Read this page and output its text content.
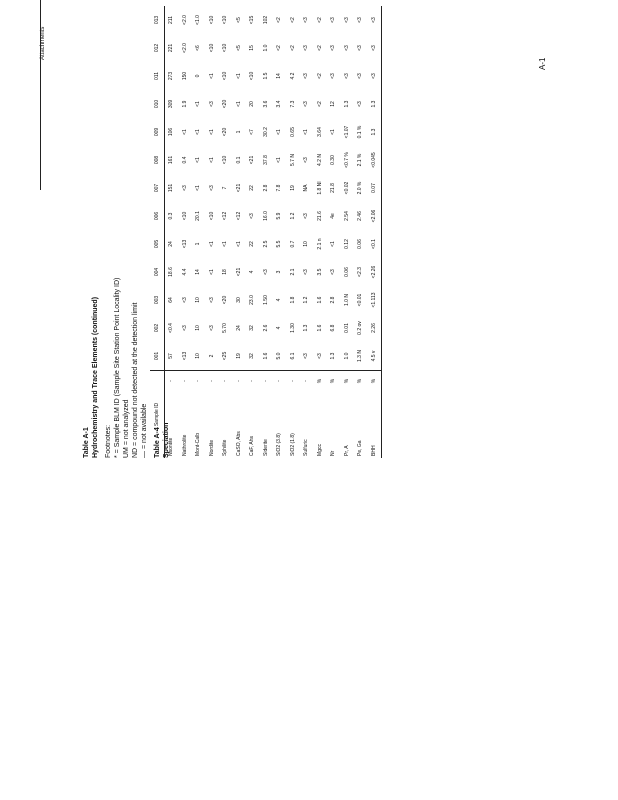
Table A-1 Hydrochemistry and Trace Elements (continued) Footnotes: * = Sample BLM ID (Sample Site Station Point Locality ID) UM = not analyzed ND = compound not detected at the detection limit — = not available Table A-4 Speciation
Sample ID		001	002	003	004	005	006	007	008	009	010	011	012	013
Nsontite	-	57	<0.4	64	18.6	24	0.3	151	161	106	309	273	221	211
Nathrolite	-	<13	<3	<3	4.4	<13	<10	<3	0.4	<1	1.9	150	<2.0	<2.0
Mont-Calb	-	10	10	10	14	1	20.1	<1	<1	<1	<1	0	<6	<1.0
Nordite	-	2	<3	<3	<1	<1	<10	<3	<1	<1	<3	<1	<10	<10
Sphilite	-	<25	5.70	<20	18	<1	<12	7	<10	<20	<20	<10	<10	<10
CaSO, Abs	-	19	24	30	<21	<1	<12	<21	0.1	1	<1	<1	<5	<5
CaF, Ahs	-	32	32	23.0	4	22	<3	22	<21	<7	20	<10	15	<15
Siderite	-	1.6	2.6	1.50	<3	2.5	16.0	2.8	37.8	30.2	3.6	1.5	1.0	102
SiO2 (3.8)	-	5.0	4	4	3	5.5	5.9	7.8	<1	<1	3.4	14	<2	<2
SiO2 (1.8)	-	6.1	1.30	1.8	2.1	0.7	1.2	19	5.7 N	0.65	7.3	4.2	<2	<2
Sulfuric	-	<3	1.3	1.2	<3	10	<3	NA	<3	<1	<3	<3	<3	<3
Mgcc	%	<3	1.6	1.6	3.5	2.1 n	21.6	1.8 NI	4.2 N	3.64	<2	<2	<2	<2
Nr	%	1.3	6.8	2.8	<3	<1	4e	21.8	0.30	<1	12	<3	<3	<3
Pr, A	%	1.0	0.01	1.0 N	0.06	0.12	2.54	<0.02	<0.7 %	<1.07	1.3	<3	<3	<3
Pe, Ga	%	1.3 N	0.2 ov	<0.01	<2.3	0.06	2.46	2.0 %	2.1 %	0.1 %	<3	<3	<3	<3
BHH	%	4.5 v	2.26	<1.113	<2.26	<0.1	<2.06	0.07	<0.045	1.3	1.3	<3	<3	<3
Attachments
A-1
